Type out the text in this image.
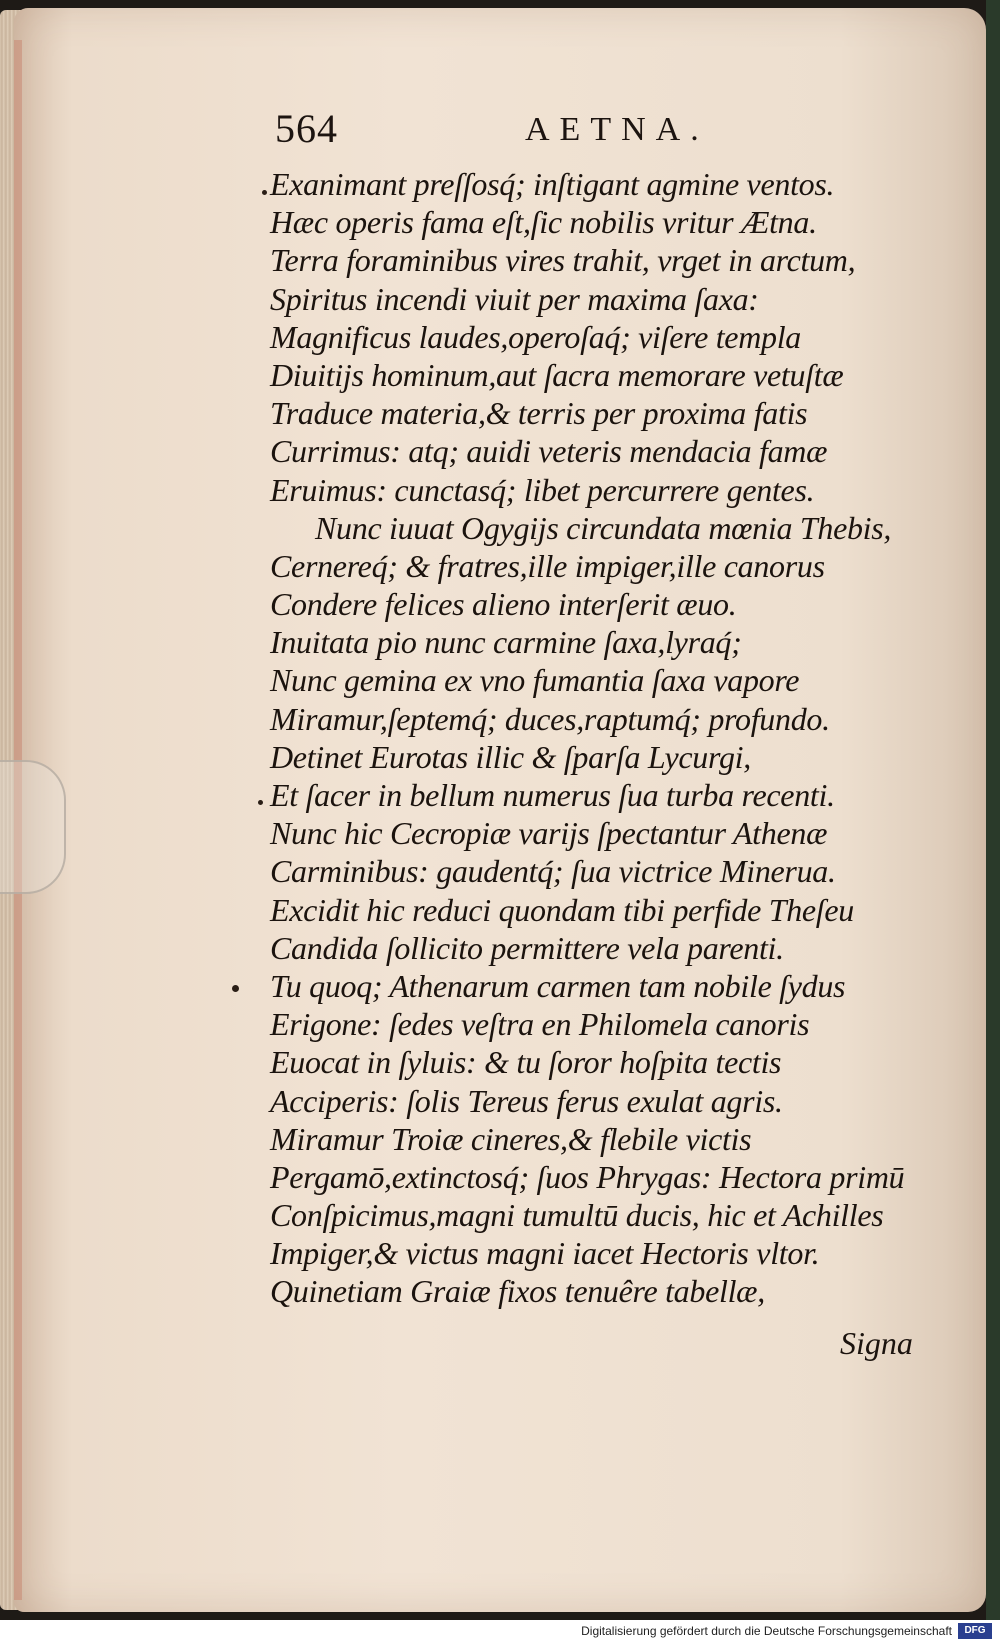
564	AETNA.
Exanimant preſſosq́; inſtigant agmine ventos.
Hæc operis fama eſt,ſic nobilis vritur Ætna.
Terra foraminibus vires trahit, vrget in arctum,
Spiritus incendi viuit per maxima ſaxa:
Magnificus laudes,operoſaq́; viſere templa
Diuitijs hominum,aut ſacra memorare vetuſtæ
Traduce materia,& terris per proxima fatis
Currimus: atq; auidi veteris mendacia famæ
Eruimus: cunctasq́; libet percurrere gentes.
Nunc iuuat Ogygijs circundata mœnia Thebis,
Cernereq́; & fratres,ille impiger,ille canorus
Condere felices alieno interſerit æuo.
Inuitata pio nunc carmine ſaxa,lyraq́;
Nunc gemina ex vno fumantia ſaxa vapore
Miramur,ſeptemq́; duces,raptumq́; profundo.
Detinet Eurotas illic & ſparſa Lycurgi,
Et ſacer in bellum numerus ſua turba recenti.
Nunc hic Cecropiæ varijs ſpectantur Athenæ
Carminibus: gaudentq́; ſua victrice Minerua.
Excidit hic reduci quondam tibi perfide Theſeu
Candida ſollicito permittere vela parenti.
Tu quoq; Athenarum carmen tam nobile ſydus
Erigone: ſedes veſtra en Philomela canoris
Euocat in ſyluis: & tu ſoror hoſpita tectis
Acciperis: ſolis Tereus ferus exulat agris.
Miramur Troiæ cineres,& flebile victis
Pergamō,extinctosq́; ſuos Phrygas: Hectora primū
Conſpicimus,magni tumultū ducis, hic et Achilles
Impiger,& victus magni iacet Hectoris vltor.
Quinetiam Graiæ fixos tenuêre tabellæ,
Signa
Digitalisierung gefördert durch die Deutsche Forschungsgemeinschaft	DFG
